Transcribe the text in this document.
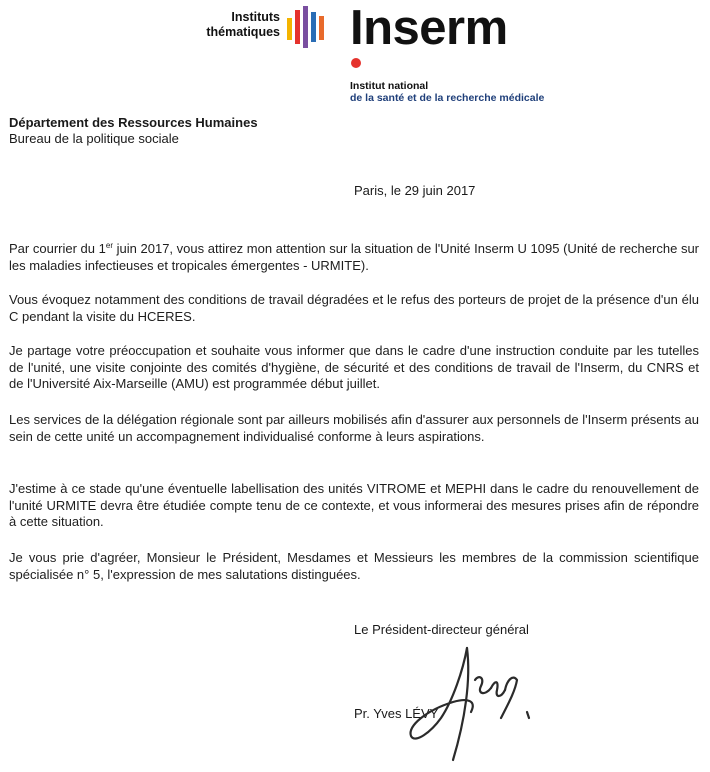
Instituts
thématiques Inserm
Institut national
de la santé et de la recherche médicale
Département des Ressources Humaines
Bureau de la politique sociale
Paris, le 29 juin 2017
Par courrier du 1er juin 2017, vous attirez mon attention sur la situation de l'Unité Inserm U 1095 (Unité de recherche sur les maladies infectieuses et tropicales émergentes - URMITE).
Vous évoquez notamment des conditions de travail dégradées et le refus des porteurs de projet de la présence d'un élu C pendant la visite du HCERES.
Je partage votre préoccupation et souhaite vous informer que dans le cadre d'une instruction conduite par les tutelles de l'unité, une visite conjointe des comités d'hygiène, de sécurité et des conditions de travail de l'Inserm, du CNRS et de l'Université Aix-Marseille (AMU) est programmée début juillet.
Les services de la délégation régionale sont par ailleurs mobilisés afin d'assurer aux personnels de l'Inserm présents au sein de cette unité un accompagnement individualisé conforme à leurs aspirations.
J'estime à ce stade qu'une éventuelle labellisation des unités VITROME et MEPHI dans le cadre du renouvellement de l'unité URMITE devra être étudiée compte tenu de ce contexte, et vous informerai des mesures prises afin de répondre à cette situation.
Je vous prie d'agréer, Monsieur le Président, Mesdames et Messieurs les membres de la commission scientifique spécialisée n° 5, l'expression de mes salutations distinguées.
Le Président-directeur général
Pr. Yves LÉVY
